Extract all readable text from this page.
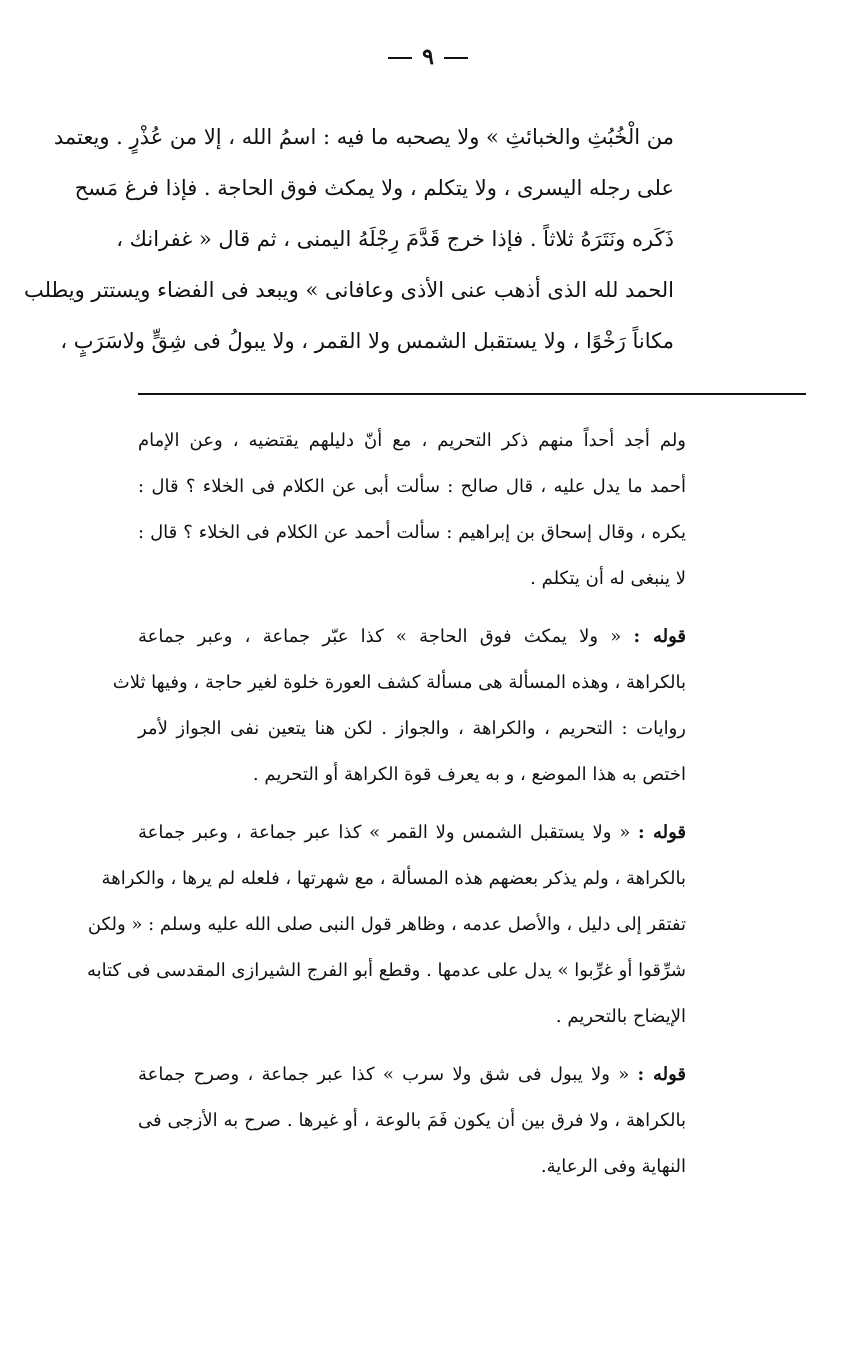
٩
من الْخُبُثِ والخبائثِ » ولا يصحبه ما فيه : اسمُ الله ، إلا من عُذْرٍ . ويعتمد
على رجله اليسرى ، ولا يتكلم ، ولا يمكث فوق الحاجة . فإذا فرغ مَسح
ذَكَره ونَتَرَهُ ثلاثاً . فإذا خرج قَدَّمَ رِجْلَهُ اليمنى ، ثم قال « غفرانك ،
الحمد لله الذى أذهب عنى الأذى وعافانى » ويبعد فى الفضاء ويستتر ويطلب
مكاناً رَخْوًا ، ولا يستقبل الشمس ولا القمر ، ولا يبولُ فى شِقٍّ ولاسَرَبٍ ،
ولم أجد أحداً منهم ذكر التحريم ، مع أنّ دليلهم يقتضيه ، وعن الإمام
أحمد ما يدل عليه ، قال صالح : سألت أبى عن الكلام فى الخلاء ؟ قال :
يكره ، وقال إسحاق بن إبراهيم : سألت أحمد عن الكلام فى الخلاء ؟ قال :
لا ينبغى له أن يتكلم .
قوله : « ولا يمكث فوق الحاجة » كذا عبّر جماعة ، وعبر جماعة
بالكراهة ، وهذه المسألة هى مسألة كشف العورة خلوة لغير حاجة ، وفيها ثلاث
روايات : التحريم ، والكراهة ، والجواز . لكن هنا يتعين نفى الجواز لأمر
اختص به هذا الموضع ، و به يعرف قوة الكراهة أو التحريم .
قوله : « ولا يستقبل الشمس ولا القمر » كذا عبر جماعة ، وعبر جماعة
بالكراهة ، ولم يذكر بعضهم هذه المسألة ، مع شهرتها ، فلعله لم يرها ، والكراهة
تفتقر إلى دليل ، والأصل عدمه ، وظاهر قول النبى صلى الله عليه وسلم : « ولكن
شرِّقوا أو غرِّبوا » يدل على عدمها . وقطع أبو الفرج الشيرازى المقدسى فى كتابه
الإيضاح بالتحريم .
قوله : « ولا يبول فى شق ولا سرب » كذا عبر جماعة ، وصرح جماعة
بالكراهة ، ولا فرق بين أن يكون فَمَ بالوعة ، أو غيرها . صرح به الأزجى فى
النهاية وفى الرعاية.
